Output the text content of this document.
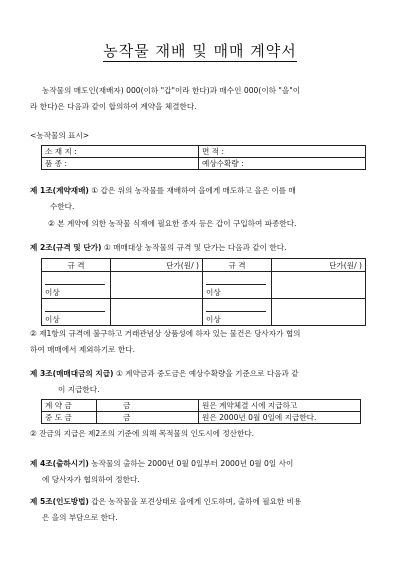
농작물 재배 및 매매 계약서
농작물의 매도인(재배자) 000(이하 "갑"이라 한다)과 매수인 000(이하 "을"이
라 한다)은 다음과 같이 합의하여 계약을 체결한다.
<농작물의 표시>
소 재 지 :	면 적 :
품 종 :	예상수확량 :
제 1조(계약재배) ① 갑은 위의 농작물를 재배하여 을에게 매도하고 을은 이를 매
수한다.
② 본 계약에 의한 농작물 식재에 필요한 종자 등은 갑이 구입하여 파종한다.
제 2조(규격 및 단가) ① 매매대상 농작물의 규격 및 단가는 다음과 같이 한다.
규 격	단가(원/ )	규 격	단가(원/ )
이상		이상	
이상		이상	
② 제1항의 규격에 불구하고 거래관념상 상품성에 하자 있는 물건은 당사자가 협의
하여 매매에서 제외하기로 한다.
제 3조(매매대금의 지급) ① 계약금과 중도금은 예상수확량을 기준으로 다음과 같
이 지급한다.
계 약 금	금	원은 계약체결 시에 지급하고
중 도 금	금	원은 2000년 0월 0일에 지급한다.
② 잔금의 지급은 제2조의 기준에 의해 목적물의 인도시에 정산한다.
제 4조(출하시기) 농작물의 출하는 2000년 0월 0일부터 2000년 0월 0일 사이
에 당사자가 협의하여 정한다.
제 5조(인도방법) 갑은 농작물을 포견상태로 을에게 인도하며, 출하에 필요한 비용
은 을의 부담으로 한다.
